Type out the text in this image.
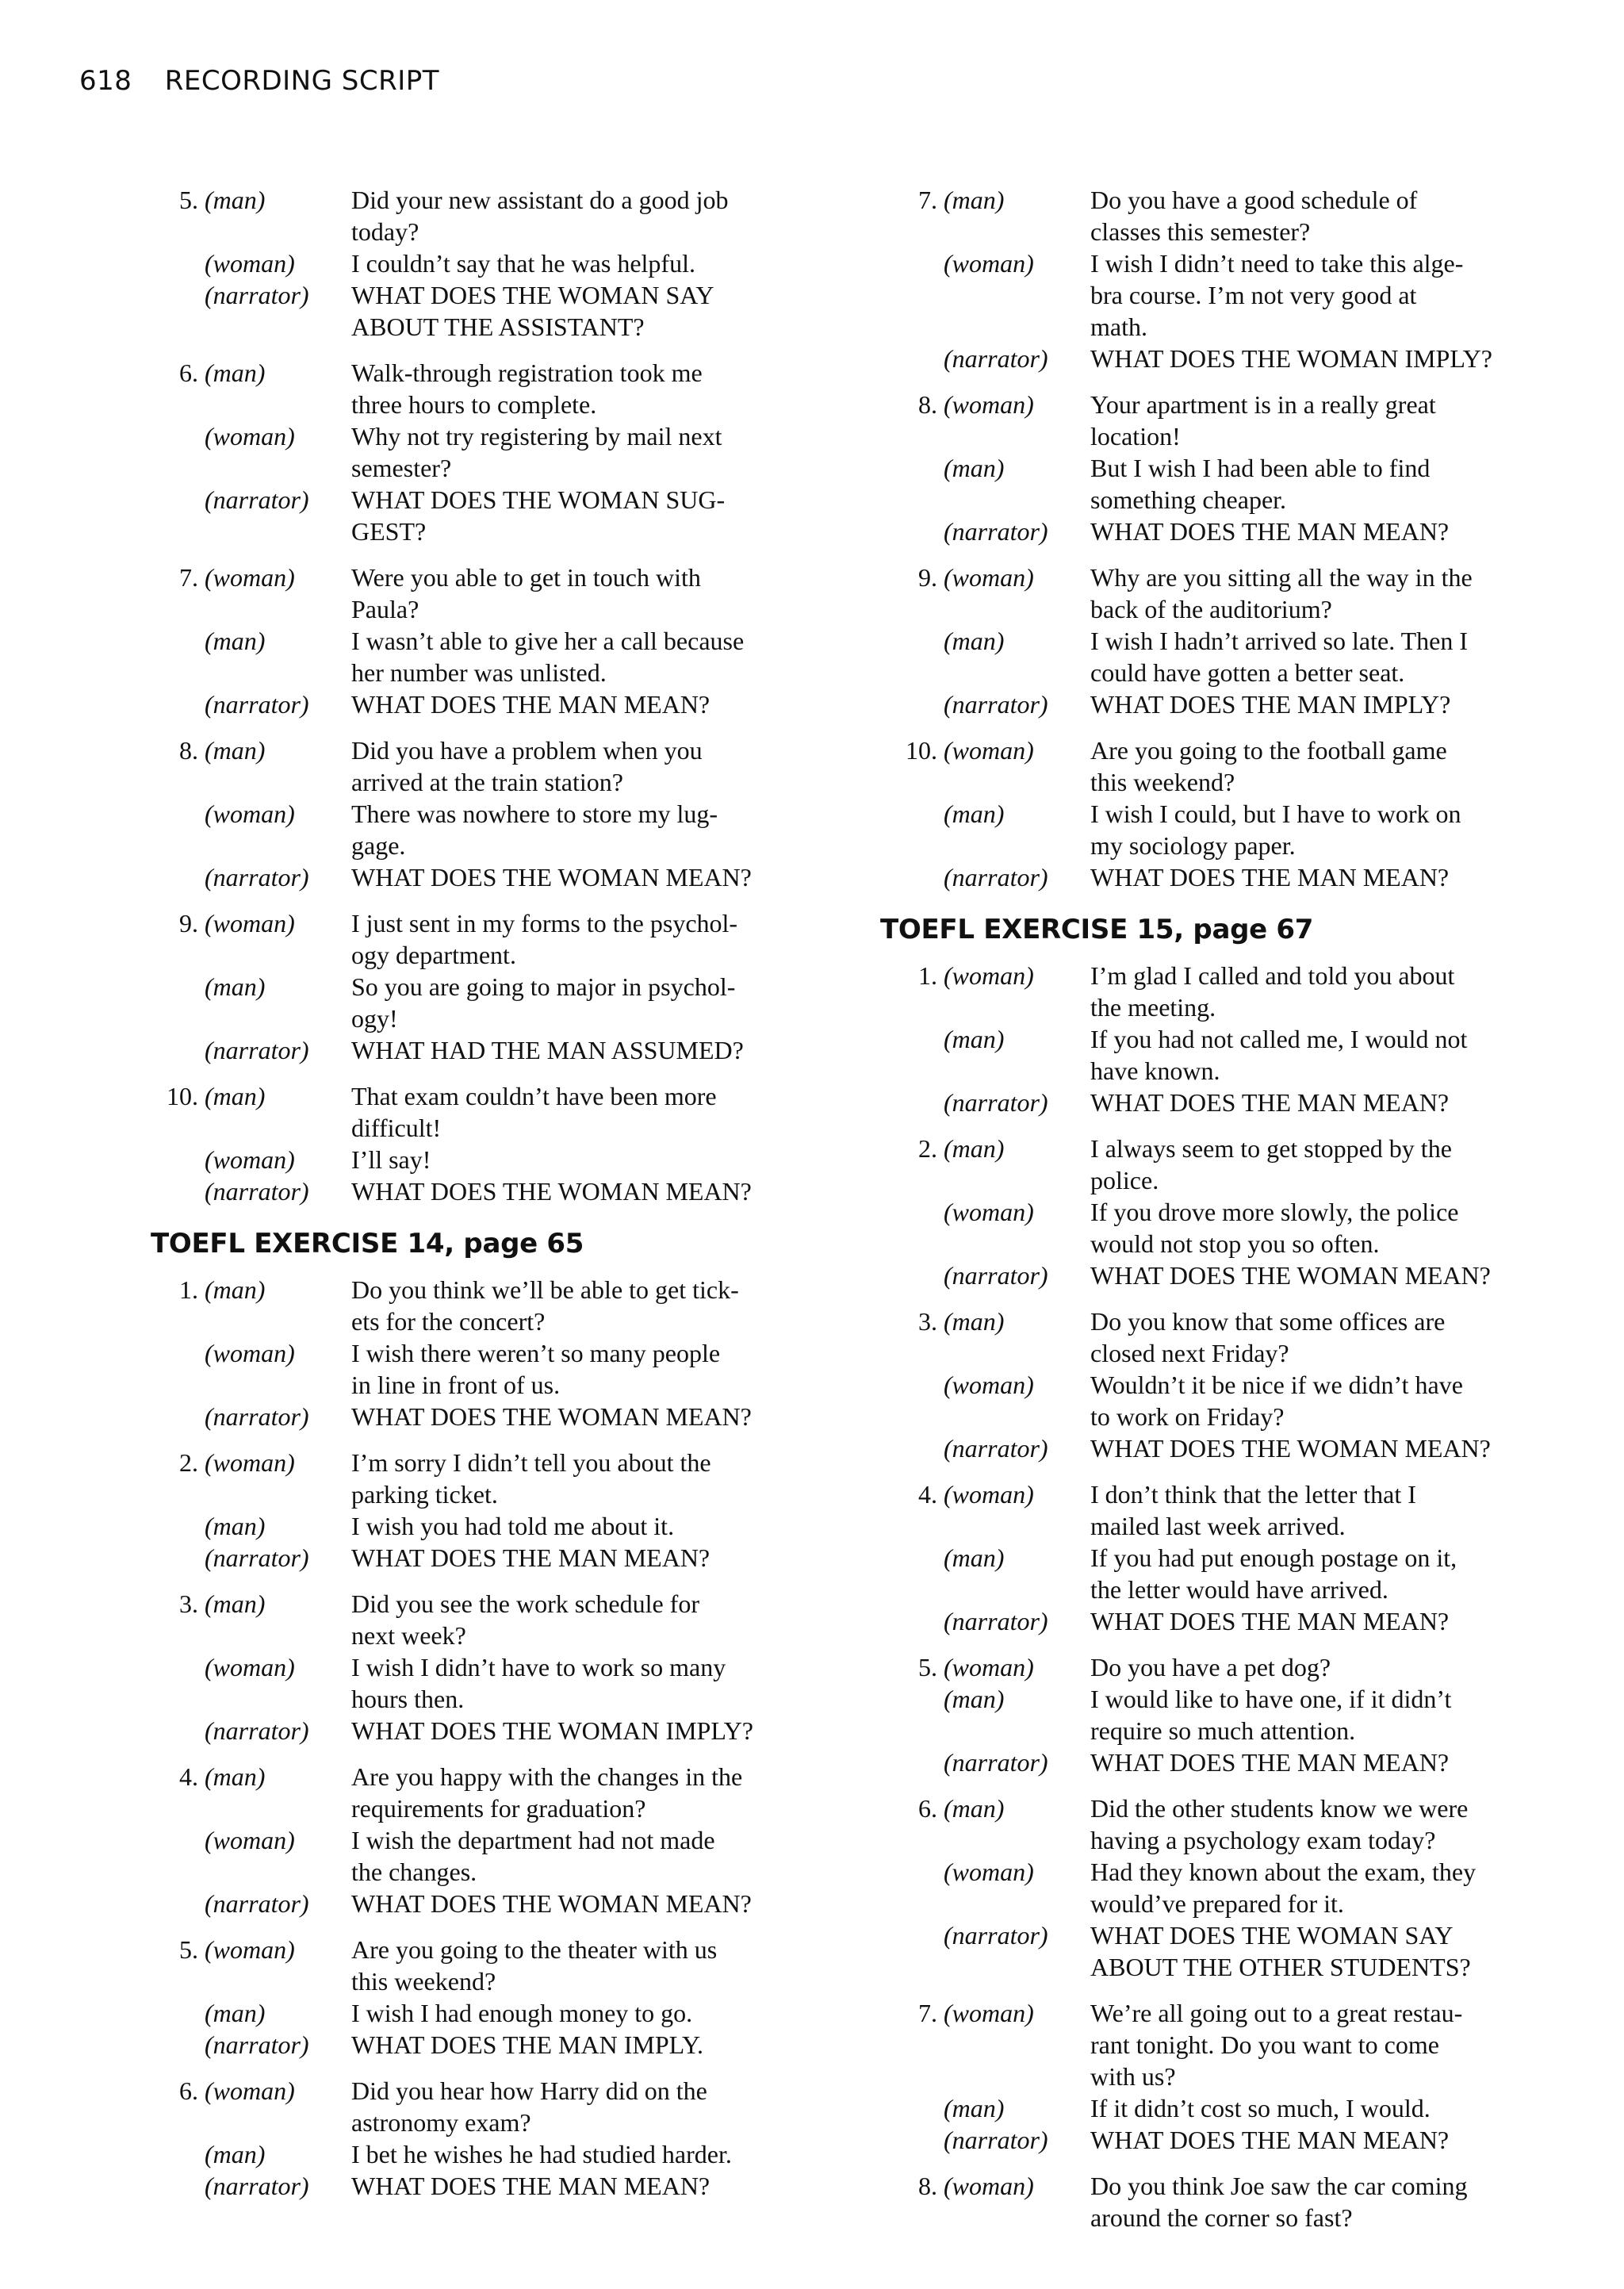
618 RECORDING SCRIPT
5. (man)	Did your new assistant do a good job
today?
(woman)	I couldn’t say that he was helpful.
(narrator)	WHAT DOES THE WOMAN SAY
ABOUT THE ASSISTANT?
6. (man)	Walk-through registration took me
three hours to complete.
(woman)	Why not try registering by mail next
semester?
(narrator)	WHAT DOES THE WOMAN SUG-
GEST?
7. (woman)	Were you able to get in touch with
Paula?
(man)	I wasn’t able to give her a call because
her number was unlisted.
(narrator)	WHAT DOES THE MAN MEAN?
8. (man)	Did you have a problem when you
arrived at the train station?
(woman)	There was nowhere to store my lug-
gage.
(narrator)	WHAT DOES THE WOMAN MEAN?
9. (woman)	I just sent in my forms to the psychol-
ogy department.
(man)	So you are going to major in psychol-
ogy!
(narrator)	WHAT HAD THE MAN ASSUMED?
10. (man)	That exam couldn’t have been more
difficult!
(woman)	I’ll say!
(narrator)	WHAT DOES THE WOMAN MEAN?
TOEFL EXERCISE 14, page 65
1. (man)	Do you think we’ll be able to get tick-
ets for the concert?
(woman)	I wish there weren’t so many people
in line in front of us.
(narrator)	WHAT DOES THE WOMAN MEAN?
2. (woman)	I’m sorry I didn’t tell you about the
parking ticket.
(man)	I wish you had told me about it.
(narrator)	WHAT DOES THE MAN MEAN?
3. (man)	Did you see the work schedule for
next week?
(woman)	I wish I didn’t have to work so many
hours then.
(narrator)	WHAT DOES THE WOMAN IMPLY?
4. (man)	Are you happy with the changes in the
requirements for graduation?
(woman)	I wish the department had not made
the changes.
(narrator)	WHAT DOES THE WOMAN MEAN?
5. (woman)	Are you going to the theater with us
this weekend?
(man)	I wish I had enough money to go.
(narrator)	WHAT DOES THE MAN IMPLY.
6. (woman)	Did you hear how Harry did on the
astronomy exam?
(man)	I bet he wishes he had studied harder.
(narrator)	WHAT DOES THE MAN MEAN?
7. (man)	Do you have a good schedule of
classes this semester?
(woman)	I wish I didn’t need to take this alge-
bra course. I’m not very good at
math.
(narrator)	WHAT DOES THE WOMAN IMPLY?
8. (woman)	Your apartment is in a really great
location!
(man)	But I wish I had been able to find
something cheaper.
(narrator)	WHAT DOES THE MAN MEAN?
9. (woman)	Why are you sitting all the way in the
back of the auditorium?
(man)	I wish I hadn’t arrived so late. Then I
could have gotten a better seat.
(narrator)	WHAT DOES THE MAN IMPLY?
10. (woman)	Are you going to the football game
this weekend?
(man)	I wish I could, but I have to work on
my sociology paper.
(narrator)	WHAT DOES THE MAN MEAN?
TOEFL EXERCISE 15, page 67
1. (woman)	I’m glad I called and told you about
the meeting.
(man)	If you had not called me, I would not
have known.
(narrator)	WHAT DOES THE MAN MEAN?
2. (man)	I always seem to get stopped by the
police.
(woman)	If you drove more slowly, the police
would not stop you so often.
(narrator)	WHAT DOES THE WOMAN MEAN?
3. (man)	Do you know that some offices are
closed next Friday?
(woman)	Wouldn’t it be nice if we didn’t have
to work on Friday?
(narrator)	WHAT DOES THE WOMAN MEAN?
4. (woman)	I don’t think that the letter that I
mailed last week arrived.
(man)	If you had put enough postage on it,
the letter would have arrived.
(narrator)	WHAT DOES THE MAN MEAN?
5. (woman)	Do you have a pet dog?
(man)	I would like to have one, if it didn’t
require so much attention.
(narrator)	WHAT DOES THE MAN MEAN?
6. (man)	Did the other students know we were
having a psychology exam today?
(woman)	Had they known about the exam, they
would’ve prepared for it.
(narrator)	WHAT DOES THE WOMAN SAY
ABOUT THE OTHER STUDENTS?
7. (woman)	We’re all going out to a great restau-
rant tonight. Do you want to come
with us?
(man)	If it didn’t cost so much, I would.
(narrator)	WHAT DOES THE MAN MEAN?
8. (woman)	Do you think Joe saw the car coming
around the corner so fast?
